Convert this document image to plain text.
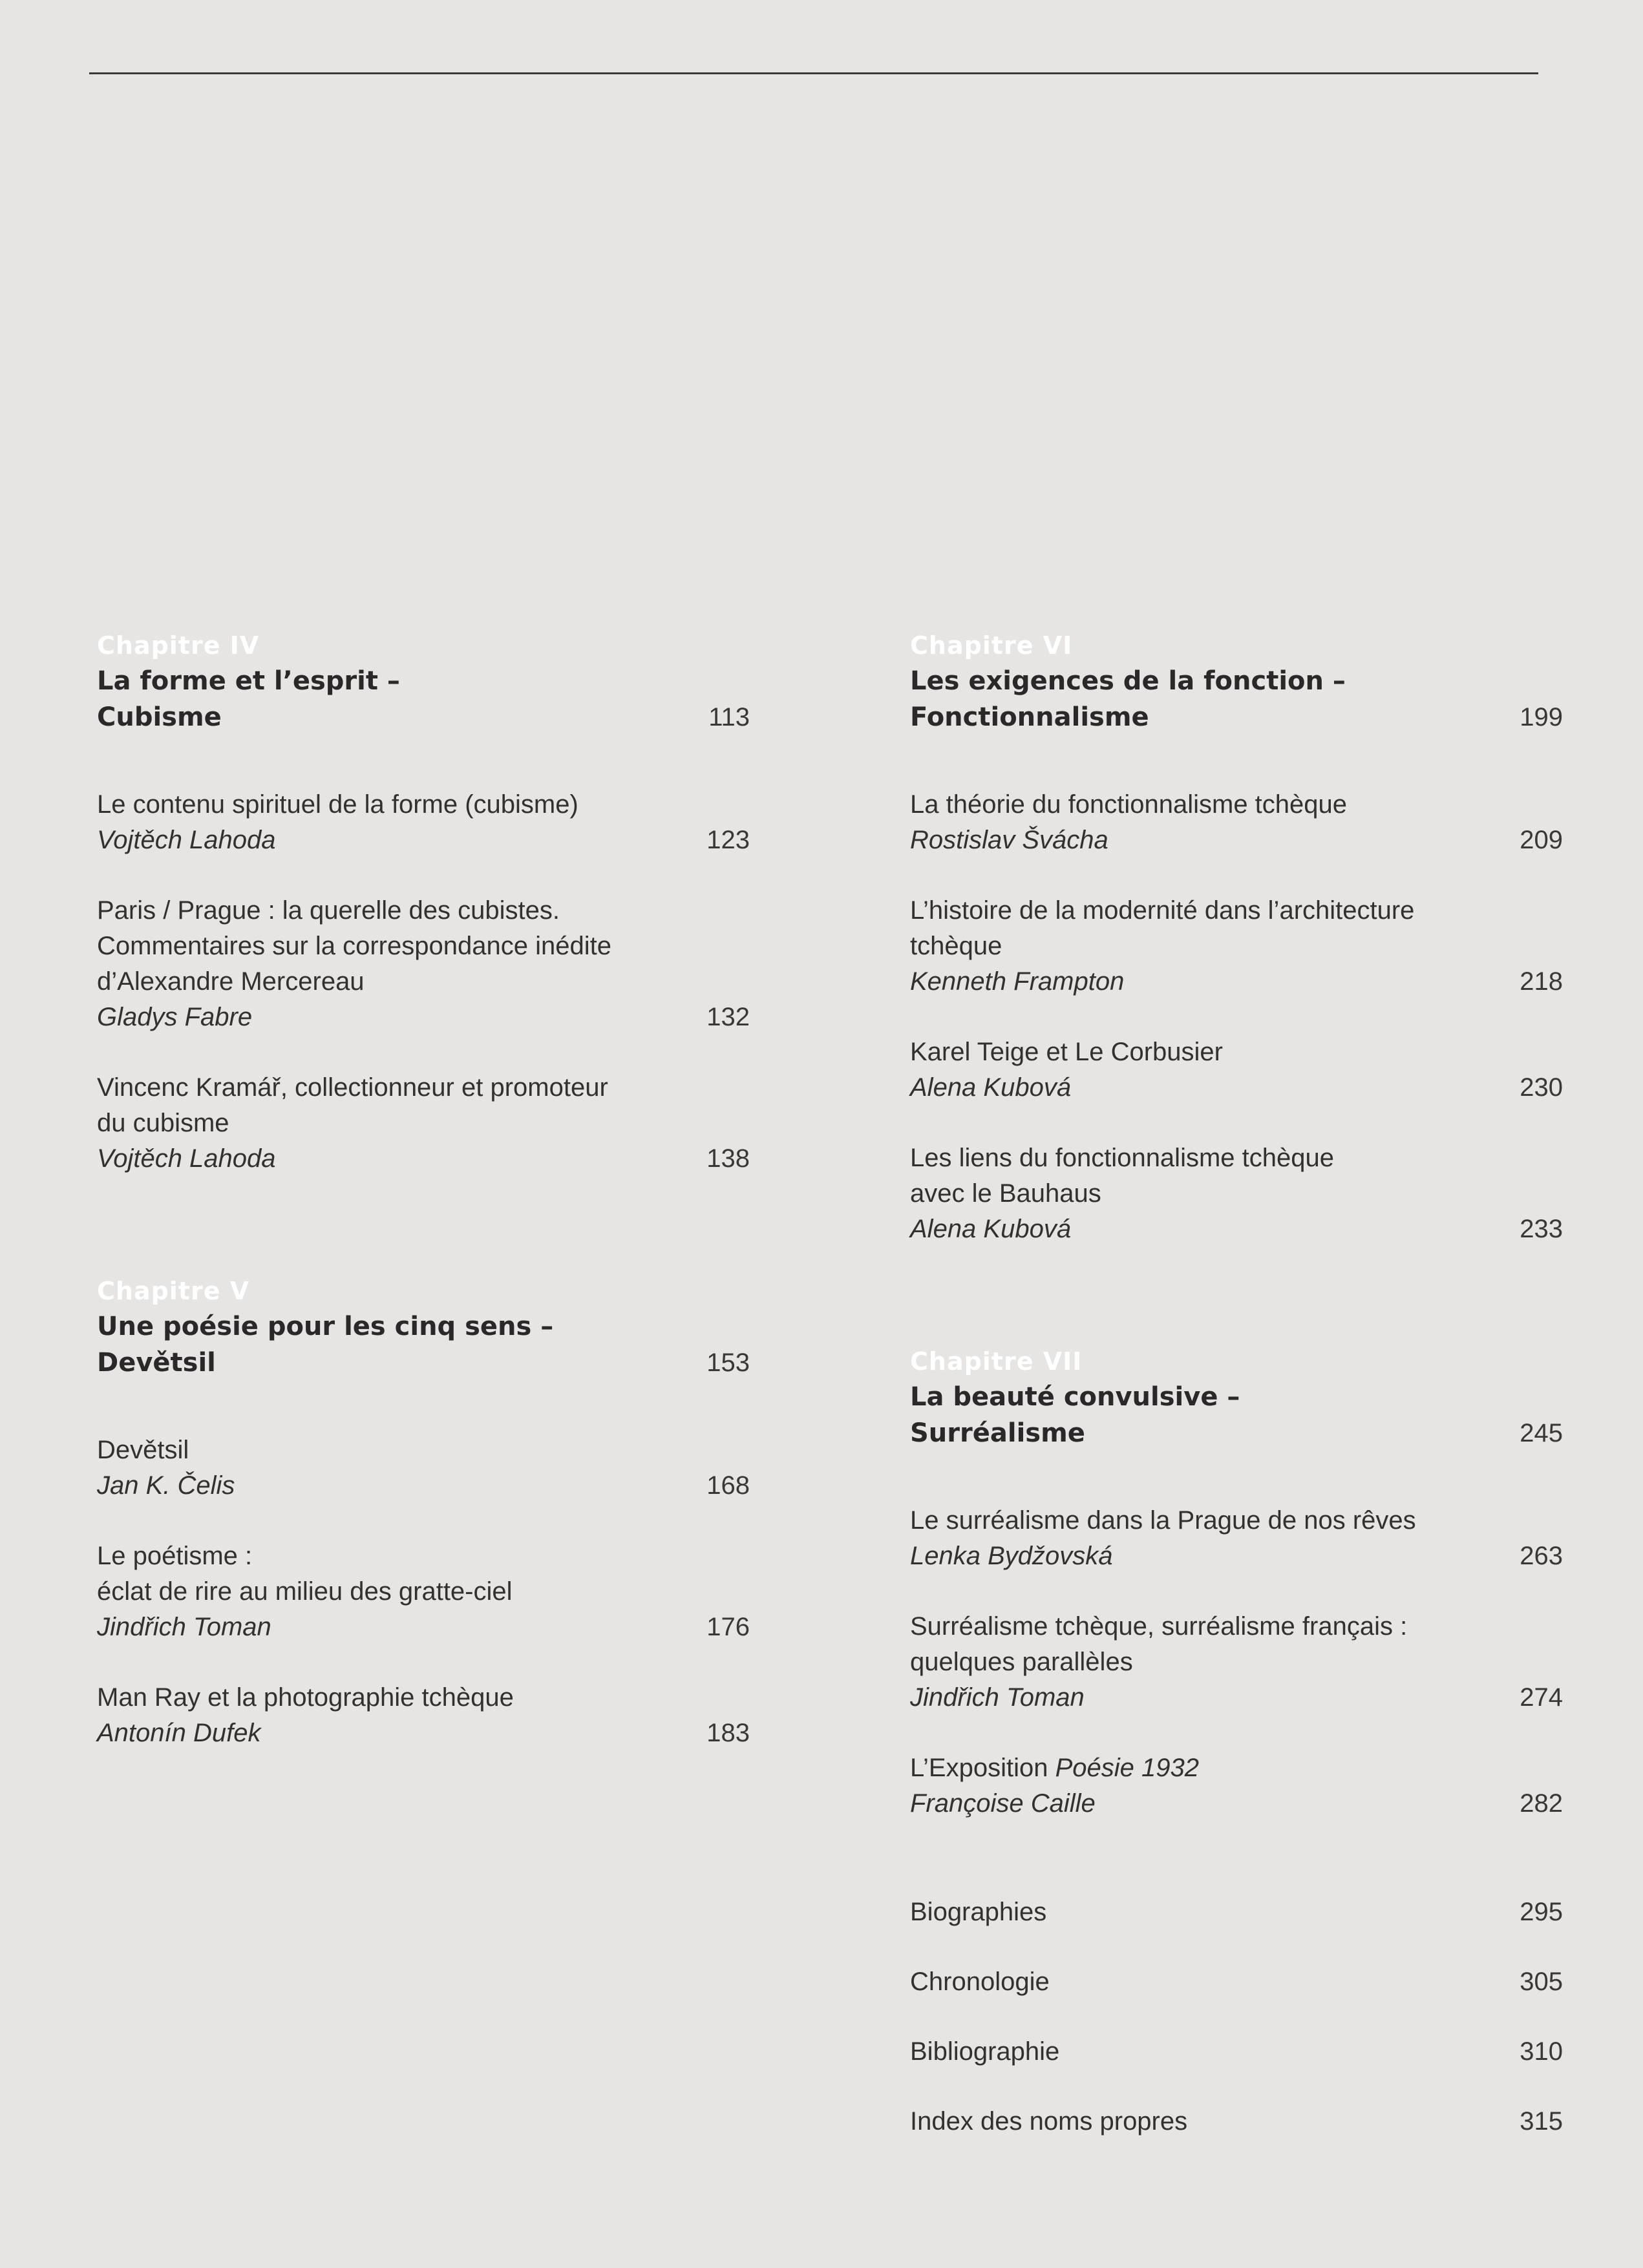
Chapitre IV
La forme et l’esprit –
Cubisme	113
Le contenu spirituel de la forme (cubisme)
Vojtěch Lahoda	123
Paris / Prague : la querelle des cubistes.
Commentaires sur la correspondance inédite
d’Alexandre Mercereau
Gladys Fabre	132
Vincenc Kramář, collectionneur et promoteur
du cubisme
Vojtěch Lahoda	138
Chapitre V
Une poésie pour les cinq sens –
Devětsil	153
Devětsil
Jan K. Čelis	168
Le poétisme :
éclat de rire au milieu des gratte-ciel
Jindřich Toman	176
Man Ray et la photographie tchèque
Antonín Dufek	183
Chapitre VI
Les exigences de la fonction –
Fonctionnalisme	199
La théorie du fonctionnalisme tchèque
Rostislav Švácha	209
L’histoire de la modernité dans l’architecture
tchèque
Kenneth Frampton	218
Karel Teige et Le Corbusier
Alena Kubová	230
Les liens du fonctionnalisme tchèque
avec le Bauhaus
Alena Kubová	233
Chapitre VII
La beauté convulsive –
Surréalisme	245
Le surréalisme dans la Prague de nos rêves
Lenka Bydžovská	263
Surréalisme tchèque, surréalisme français :
quelques parallèles
Jindřich Toman	274
L’Exposition Poésie 1932
Françoise Caille	282
Biographies	295
Chronologie	305
Bibliographie	310
Index des noms propres	315
